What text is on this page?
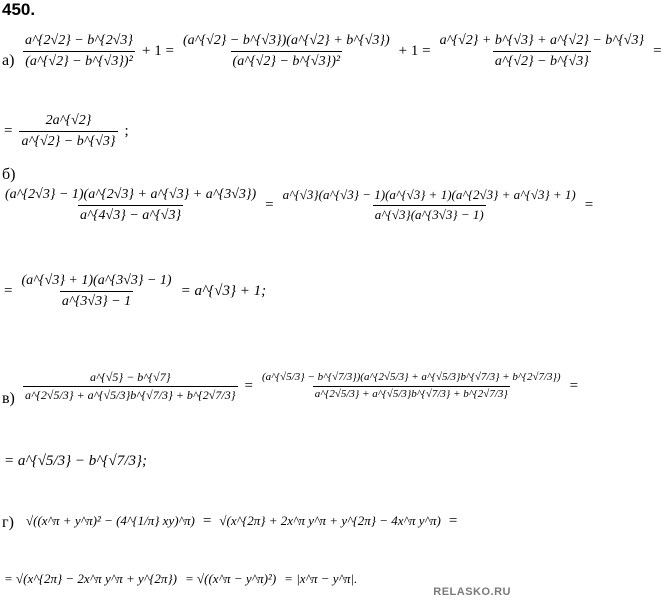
450.
$а) \frac{a\^{}\{2√2\} - b\^{}\{2√3\}}{\text{(a\textasciicircum{}\{√2\} − b\textasciicircum{}\{√3\})²}} + 1 = \frac{(a\^{}\{√2\} - b\^{}\{√3\})(a\^{}\{√2\} + b\^{}\{√3\})}{\text{(a\textasciicircum{}\{√2\} − b\textasciicircum{}\{√3\})²}} + 1 = \frac{a\^{}\{√2\} + b\^{}\{√3\} + a\^{}\{√2\} - b\^{}\{√3\}}{a\^{}\{√2\} - b\^{}\{√3\}}$ =
= $\frac{2a\^{}\{√2\}}{a\^{}\{√2\} - b\^{}\{√3\}}$ ;
б)
$\frac{(a\^{}\{2√3\} - 1)(a\^{}\{2√3\} + a\^{}\{√3\} + a\^{}\{3√3\})}{a\^{}\{4√3\} - a\^{}\{√3\}} = \frac{a\^{}\{√3\}(a\^{}\{√3\} - 1)(a\^{}\{√3\} + 1)(a\^{}\{2√3\} + a\^{}\{√3\} + 1)}{a\^{}\{√3\}(a\^{}\{3√3\} - 1)}$ =
= $\frac{(a\^{}\{√3\} + 1)(a\^{}\{3√3\} - 1)}{a\^{}\{3√3\} - 1}$ = a^{√3} + 1;
$в) \frac{a\^{}\{√5\} - b\^{}\{√7\}}{a\^{}\{2√5/3\} + a\^{}\{√5/3\}b\^{}\{√7/3\} + b\^{}\{2√7/3\}}$ =
(a^{√5/3} − b^{√7/3})(a^{2√5/3} + a^{√5/3}b^{√7/3} + b^{2√7/3})
a^{2√5/3} + a^{√5/3}b^{√7/3} + b^{2√7/3}	=
= a^{√5/3} − b^{√7/3};
г) √((x^π + y^π)² − (4^{1/π} xy)^π) = √(x^{2π} + 2x^π y^π + y^{2π} − 4x^π y^π) =
= √(x^{2π} − 2x^π y^π + y^{2π}) = √((x^π − y^π)²) = |x^π − y^π|.
RELASKO.RU
